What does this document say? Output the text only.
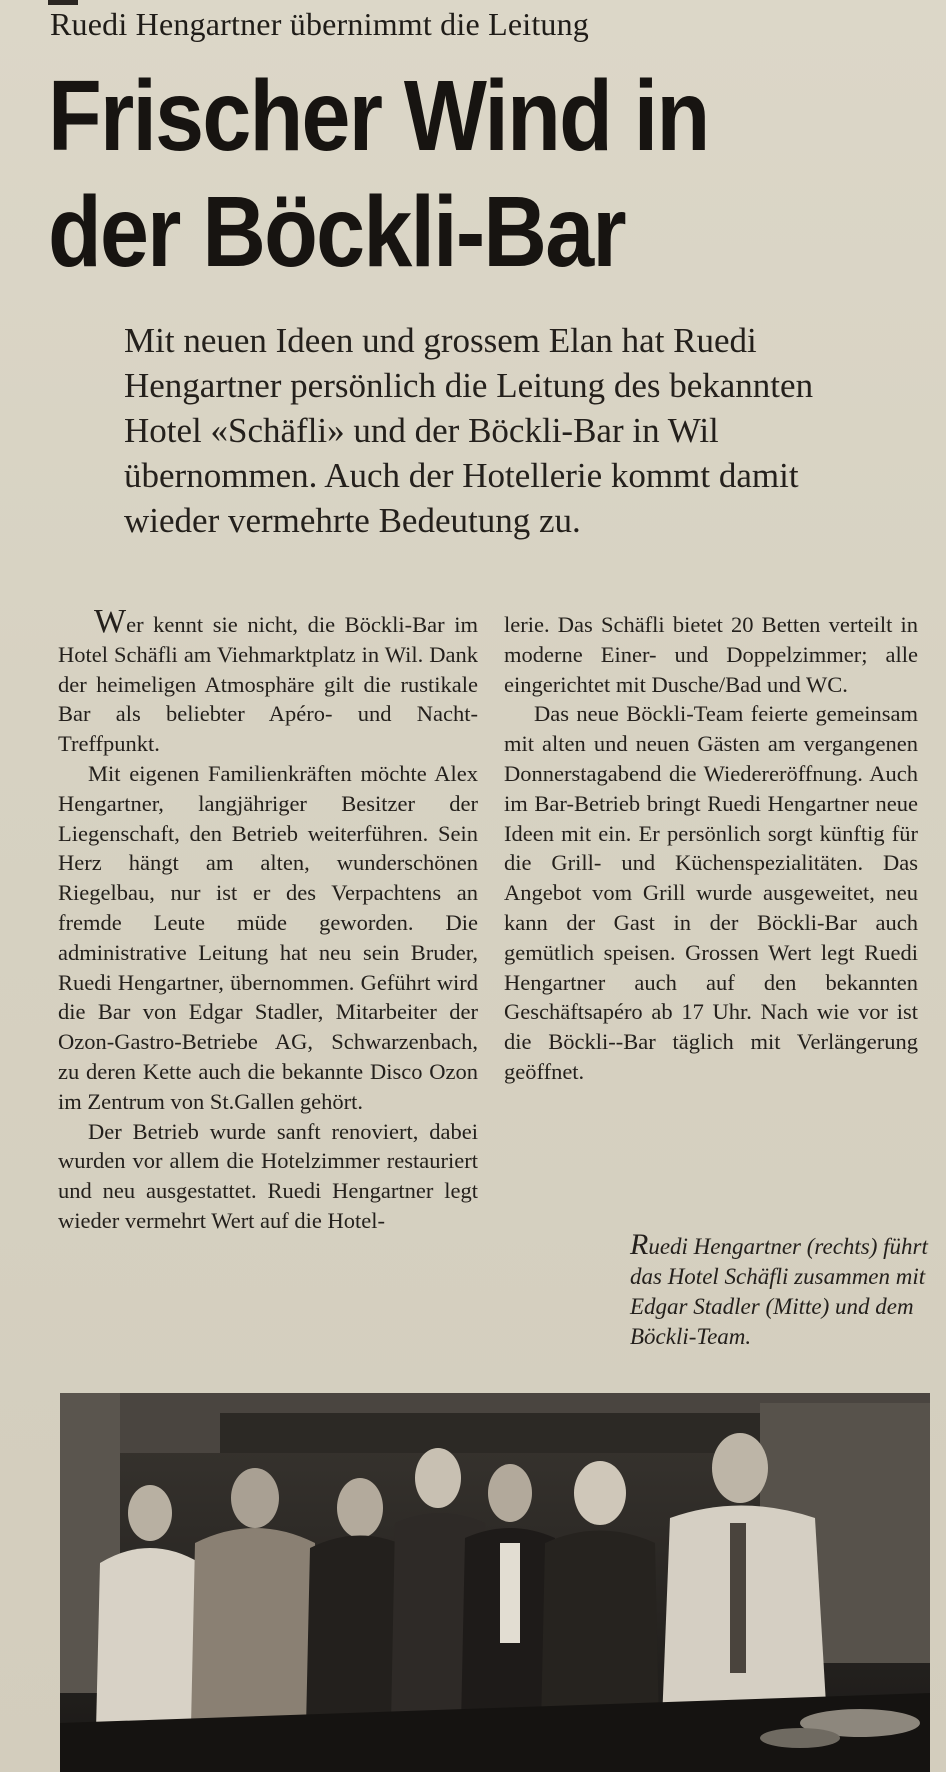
Ruedi Hengartner übernimmt die Leitung
Frischer Wind in der Böckli-Bar
Mit neuen Ideen und grossem Elan hat Ruedi Hengartner persönlich die Leitung des bekannten Hotel «Schäfli» und der Böckli-Bar in Wil übernommen. Auch der Hotellerie kommt damit wieder vermehrte Bedeutung zu.

Wer kennt sie nicht, die Böckli-Bar im Hotel Schäfli am Viehmarktplatz in Wil. Dank der heimeligen Atmosphäre gilt die rustikale Bar als beliebter Apéro- und Nacht-Treffpunkt.

Mit eigenen Familienkräften möchte Alex Hengartner, langjähriger Besitzer der Liegenschaft, den Betrieb weiterführen. Sein Herz hängt am alten, wunderschönen Riegelbau, nur ist er des Verpachtens an fremde Leute müde geworden. Die administrative Leitung hat neu sein Bruder, Ruedi Hengartner, übernommen. Geführt wird die Bar von Edgar Stadler, Mitarbeiter der Ozon-Gastro-Betriebe AG, Schwarzenbach, zu deren Kette auch die bekannte Disco Ozon im Zentrum von St.Gallen gehört.

Der Betrieb wurde sanft renoviert, dabei wurden vor allem die Hotelzimmer restauriert und neu ausgestattet. Ruedi Hengartner legt wieder vermehrt Wert auf die Hotel-

lerie. Das Schäfli bietet 20 Betten verteilt in moderne Einer- und Doppelzimmer; alle eingerichtet mit Dusche/Bad und WC.

Das neue Böckli-Team feierte gemeinsam mit alten und neuen Gästen am vergangenen Donnerstagabend die Wiedereröffnung. Auch im Bar-Betrieb bringt Ruedi Hengartner neue Ideen mit ein. Er persönlich sorgt künftig für die Grill- und Küchenspezialitäten. Das Angebot vom Grill wurde ausgeweitet, neu kann der Gast in der Böckli-Bar auch gemütlich speisen. Grossen Wert legt Ruedi Hengartner auch auf den bekannten Geschäftsapéro ab 17 Uhr. Nach wie vor ist die Böckli--Bar täglich mit Verlängerung geöffnet.

Ruedi Hengartner (rechts) führt das Hotel Schäfli zusammen mit Edgar Stadler (Mitte) und dem Böckli-Team.
